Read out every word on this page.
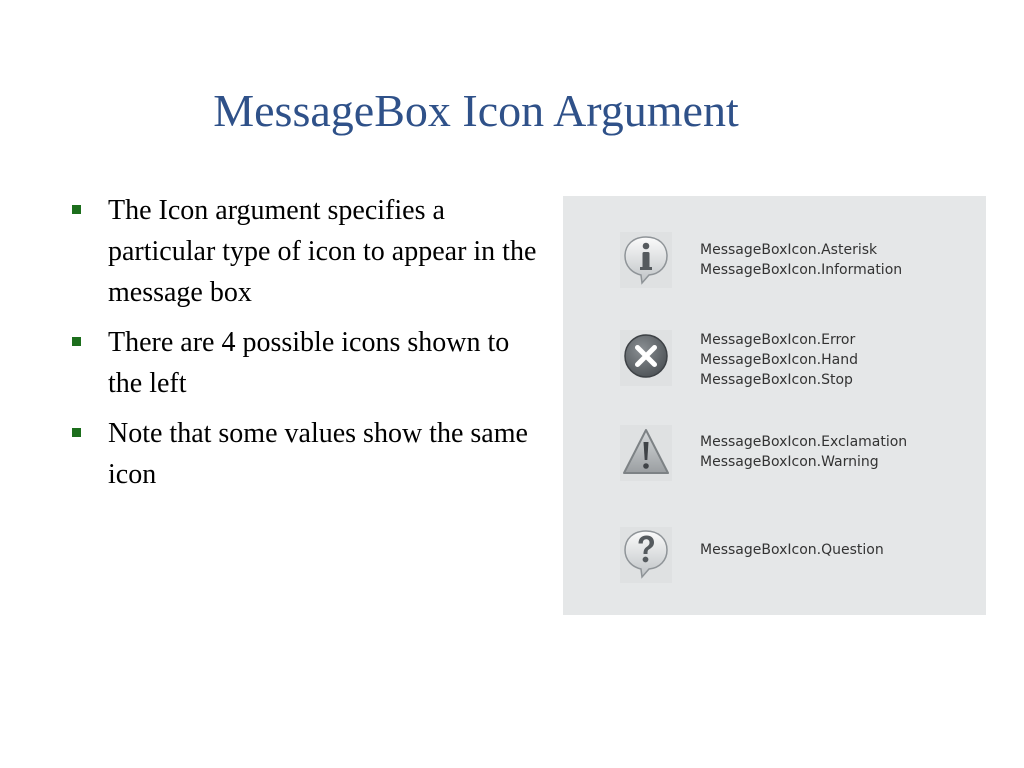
MessageBox Icon Argument
The Icon argument specifies a particular type of icon to appear in the message box
There are 4 possible icons shown to the left
Note that some values show the same icon
MessageBoxIcon.Asterisk
MessageBoxIcon.Information
MessageBoxIcon.Error
MessageBoxIcon.Hand
MessageBoxIcon.Stop
MessageBoxIcon.Exclamation
MessageBoxIcon.Warning
MessageBoxIcon.Question
